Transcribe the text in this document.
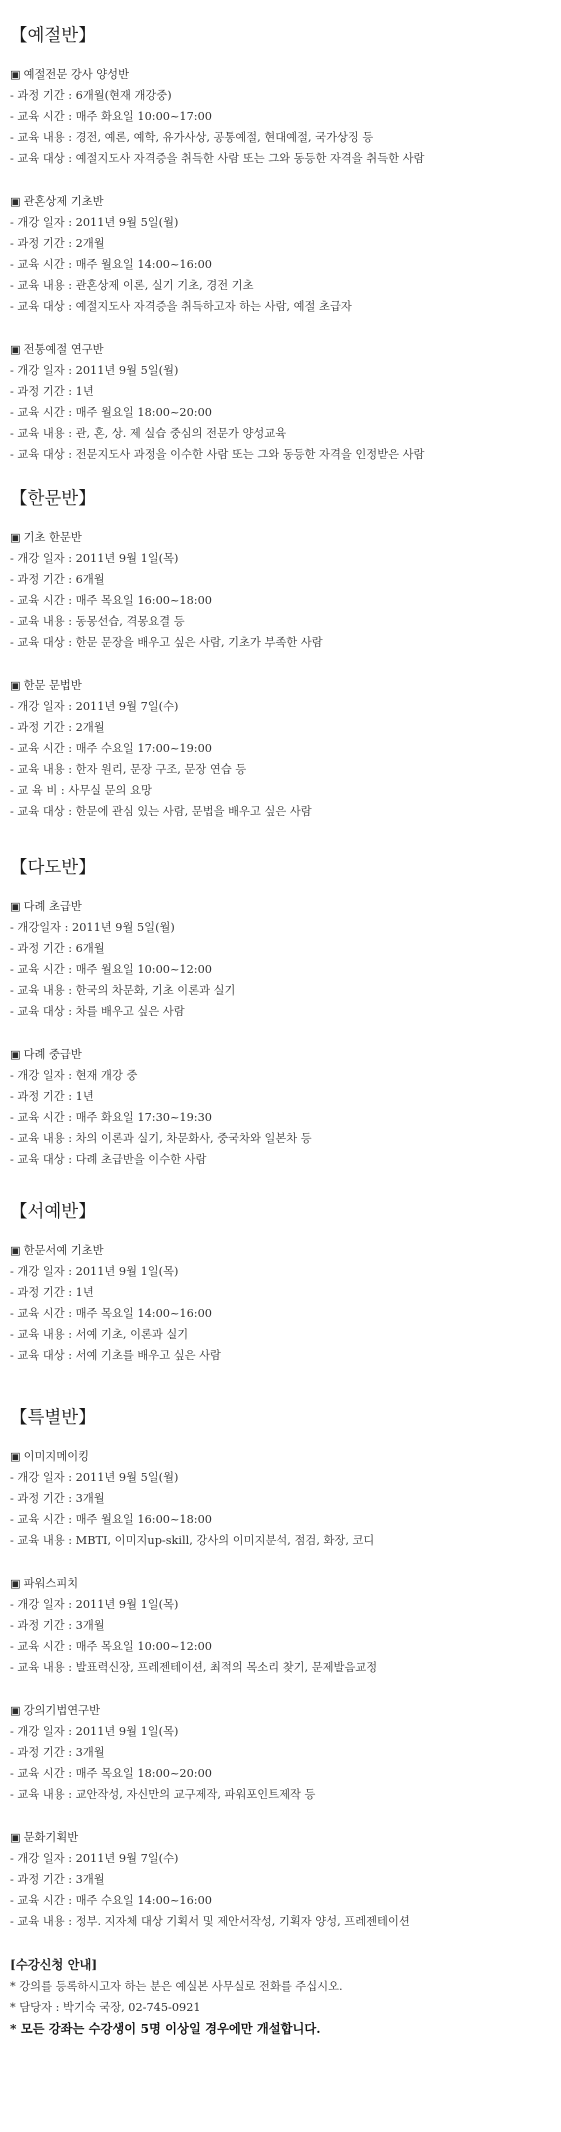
【예절반】
▣ 예절전문 강사 양성반
- 과정 기간 : 6개월(현재 개강중)
- 교육 시간 : 매주 화요일 10:00~17:00
- 교육 내용 : 경전, 예론, 예학, 유가사상, 공통예절, 현대예절, 국가상징 등
- 교육 대상 : 예절지도사 자격증을 취득한 사람 또는 그와 동등한 자격을 취득한 사람
▣ 관혼상제 기초반
- 개강 일자 : 2011년 9월 5일(월)
- 과정 기간 : 2개월
- 교육 시간 : 매주 월요일 14:00~16:00
- 교육 내용 : 관혼상제 이론, 실기 기초, 경전 기초
- 교육 대상 : 예절지도사 자격증을 취득하고자 하는 사람, 예절 초급자
▣ 전통예절 연구반
- 개강 일자 : 2011년 9월 5일(월)
- 과정 기간 : 1년
- 교육 시간 : 매주 월요일 18:00~20:00
- 교육 내용 : 관, 혼, 상. 제 실습 중심의 전문가 양성교육
- 교육 대상 : 전문지도사 과정을 이수한 사람 또는 그와 동등한 자격을 인정받은 사람
【한문반】
▣ 기초 한문반
- 개강 일자 : 2011년 9월 1일(목)
- 과정 기간 : 6개월
- 교육 시간 : 매주 목요일 16:00~18:00
- 교육 내용 : 동몽선습, 격몽요결 등
- 교육 대상 : 한문 문장을 배우고 싶은 사람, 기초가 부족한 사람
▣ 한문 문법반
- 개강 일자 : 2011년 9월 7일(수)
- 과정 기간 : 2개월
- 교육 시간 : 매주 수요일 17:00~19:00
- 교육 내용 : 한자 원리, 문장 구조, 문장 연습 등
- 교 육 비 : 사무실 문의 요망
- 교육 대상 : 한문에 관심 있는 사람, 문법을 배우고 싶은 사람
【다도반】
▣ 다례 초급반
- 개강일자 : 2011년 9월 5일(월)
- 과정 기간 : 6개월
- 교육 시간 : 매주 월요일 10:00~12:00
- 교육 내용 : 한국의 차문화, 기초 이론과 실기
- 교육 대상 : 차를 배우고 싶은 사람
▣ 다례 중급반
- 개강 일자 : 현재 개강 중
- 과정 기간 : 1년
- 교육 시간 : 매주 화요일 17:30~19:30
- 교육 내용 : 차의 이론과 실기, 차문화사, 중국차와 일본차 등
- 교육 대상 : 다례 초급반을 이수한 사람
【서예반】
▣ 한문서예 기초반
- 개강 일자 : 2011년 9월 1일(목)
- 과정 기간 : 1년
- 교육 시간 : 매주 목요일 14:00~16:00
- 교육 내용 : 서예 기초, 이론과 실기
- 교육 대상 : 서예 기초를 배우고 싶은 사람
【특별반】
▣ 이미지메이킹
- 개강 일자 : 2011년 9월 5일(월)
- 과정 기간 : 3개월
- 교육 시간 : 매주 월요일 16:00~18:00
- 교육 내용 : MBTI, 이미지up-skill, 강사의 이미지분석, 점검, 화장, 코디
▣ 파워스피치
- 개강 일자 : 2011년 9월 1일(목)
- 과정 기간 : 3개월
- 교육 시간 : 매주 목요일 10:00~12:00
- 교육 내용 : 발표력신장, 프레젠테이션, 최적의 목소리 찾기, 문제발음교정
▣ 강의기법연구반
- 개강 일자 : 2011년 9월 1일(목)
- 과정 기간 : 3개월
- 교육 시간 : 매주 목요일 18:00~20:00
- 교육 내용 : 교안작성, 자신만의 교구제작, 파워포인트제작 등
▣ 문화기획반
- 개강 일자 : 2011년 9월 7일(수)
- 과정 기간 : 3개월
- 교육 시간 : 매주 수요일 14:00~16:00
- 교육 내용 : 정부. 지자체 대상 기획서 및 제안서작성, 기획자 양성, 프레젠테이션
[수강신청 안내]
* 강의를 등록하시고자 하는 분은 예실본 사무실로 전화를 주십시오.
* 담당자 : 박기숙 국장, 02-745-0921
* 모든 강좌는 수강생이 5명 이상일 경우에만 개설합니다.
